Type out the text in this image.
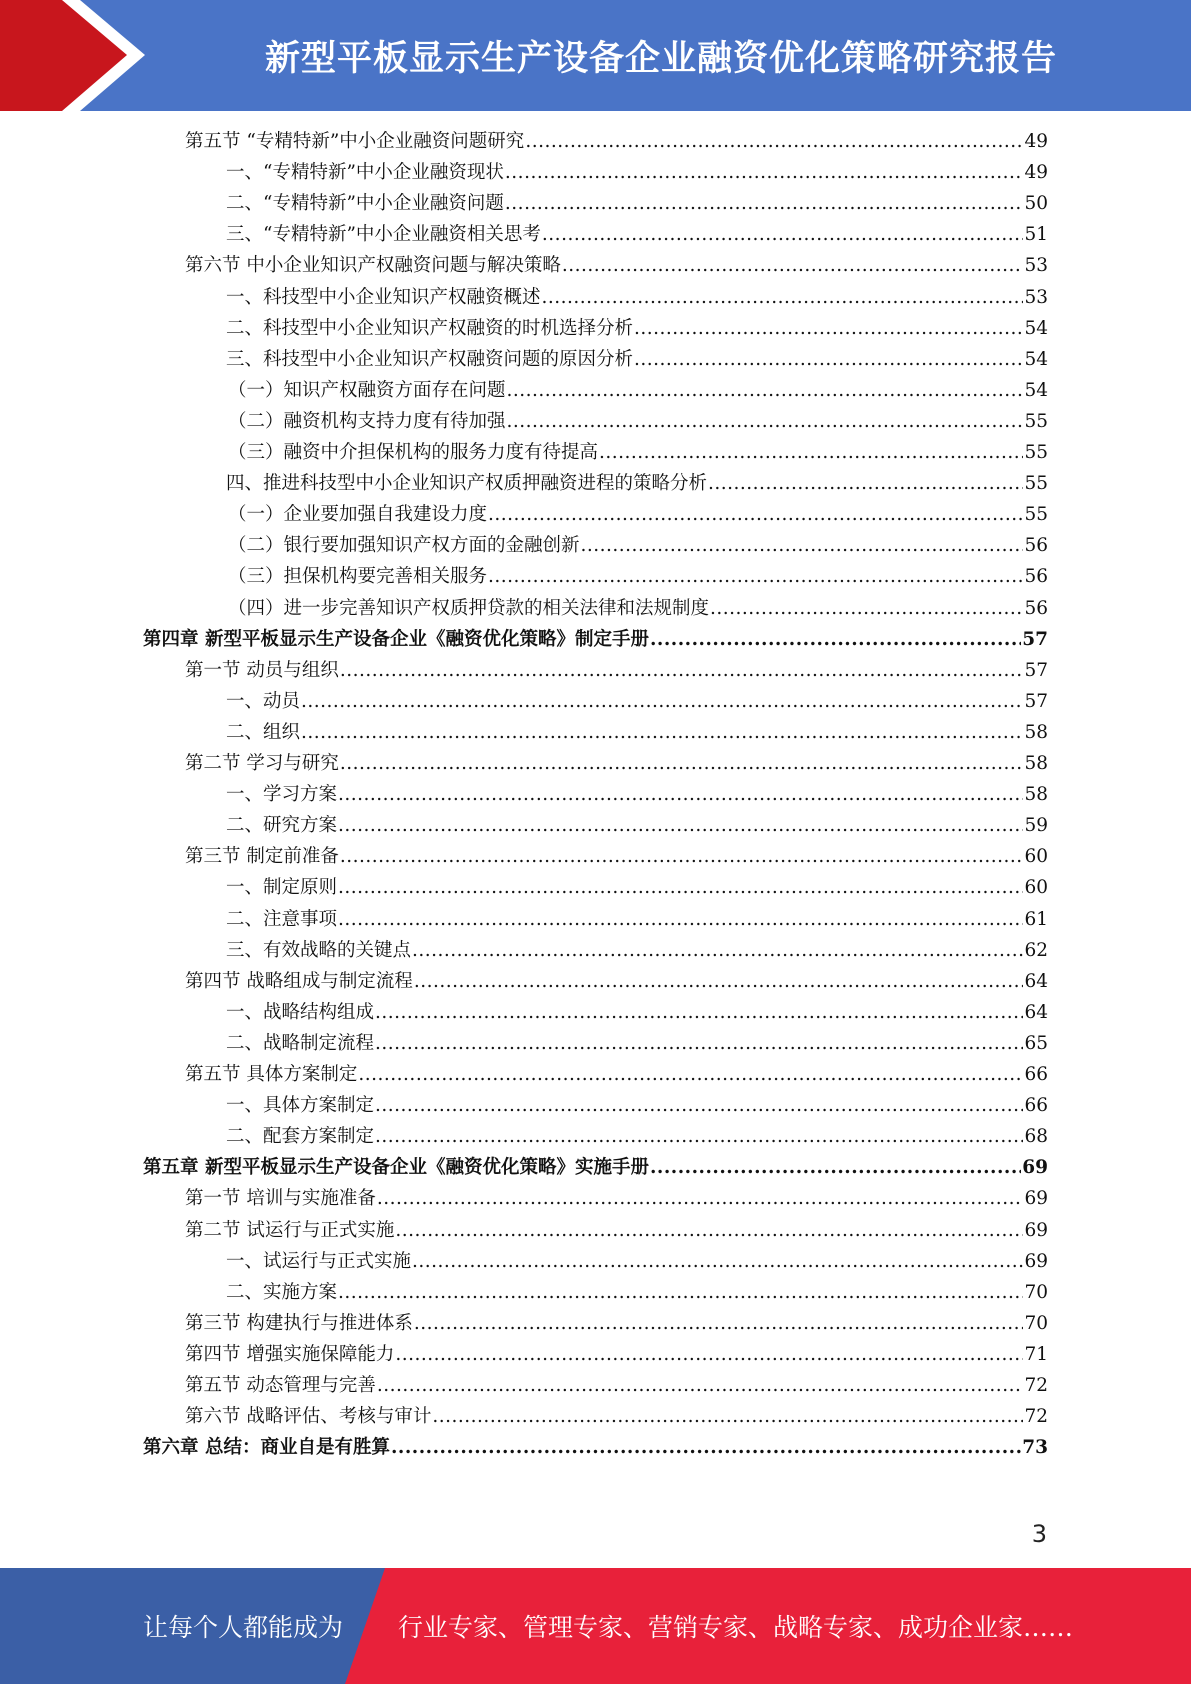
新型平板显示生产设备企业融资优化策略研究报告
第五节 “专精特新”中小企业融资问题研究 .....	49
一、“专精特新”中小企业融资现状 .....	49
二、“专精特新”中小企业融资问题 .....	50
三、“专精特新”中小企业融资相关思考 .....	51
第六节 中小企业知识产权融资问题与解决策略 .....	53
一、科技型中小企业知识产权融资概述 .....	53
二、科技型中小企业知识产权融资的时机选择分析 .....	54
三、科技型中小企业知识产权融资问题的原因分析 .....	54
（一）知识产权融资方面存在问题 .....	54
（二）融资机构支持力度有待加强 .....	55
（三）融资中介担保机构的服务力度有待提高 .....	55
四、推进科技型中小企业知识产权质押融资进程的策略分析 .....	55
（一）企业要加强自我建设力度 .....	55
（二）银行要加强知识产权方面的金融创新 .....	56
（三）担保机构要完善相关服务 .....	56
（四）进一步完善知识产权质押贷款的相关法律和法规制度 .....	56
第四章 新型平板显示生产设备企业《融资优化策略》制定手册 .....	57
第一节 动员与组织 .....	57
一、动员 .....	57
二、组织 .....	58
第二节 学习与研究 .....	58
一、学习方案 .....	58
二、研究方案 .....	59
第三节 制定前准备 .....	60
一、制定原则 .....	60
二、注意事项 .....	61
三、有效战略的关键点 .....	62
第四节 战略组成与制定流程 .....	64
一、战略结构组成 .....	64
二、战略制定流程 .....	65
第五节 具体方案制定 .....	66
一、具体方案制定 .....	66
二、配套方案制定 .....	68
第五章 新型平板显示生产设备企业《融资优化策略》实施手册 .....	69
第一节 培训与实施准备 .....	69
第二节 试运行与正式实施 .....	69
一、试运行与正式实施 .....	69
二、实施方案 .....	70
第三节 构建执行与推进体系 .....	70
第四节 增强实施保障能力 .....	71
第五节 动态管理与完善 .....	72
第六节 战略评估、考核与审计 .....	72
第六章 总结：商业自是有胜算 .....	73
3
让每个人都能成为 行业专家、管理专家、营销专家、战略专家、成功企业家……
